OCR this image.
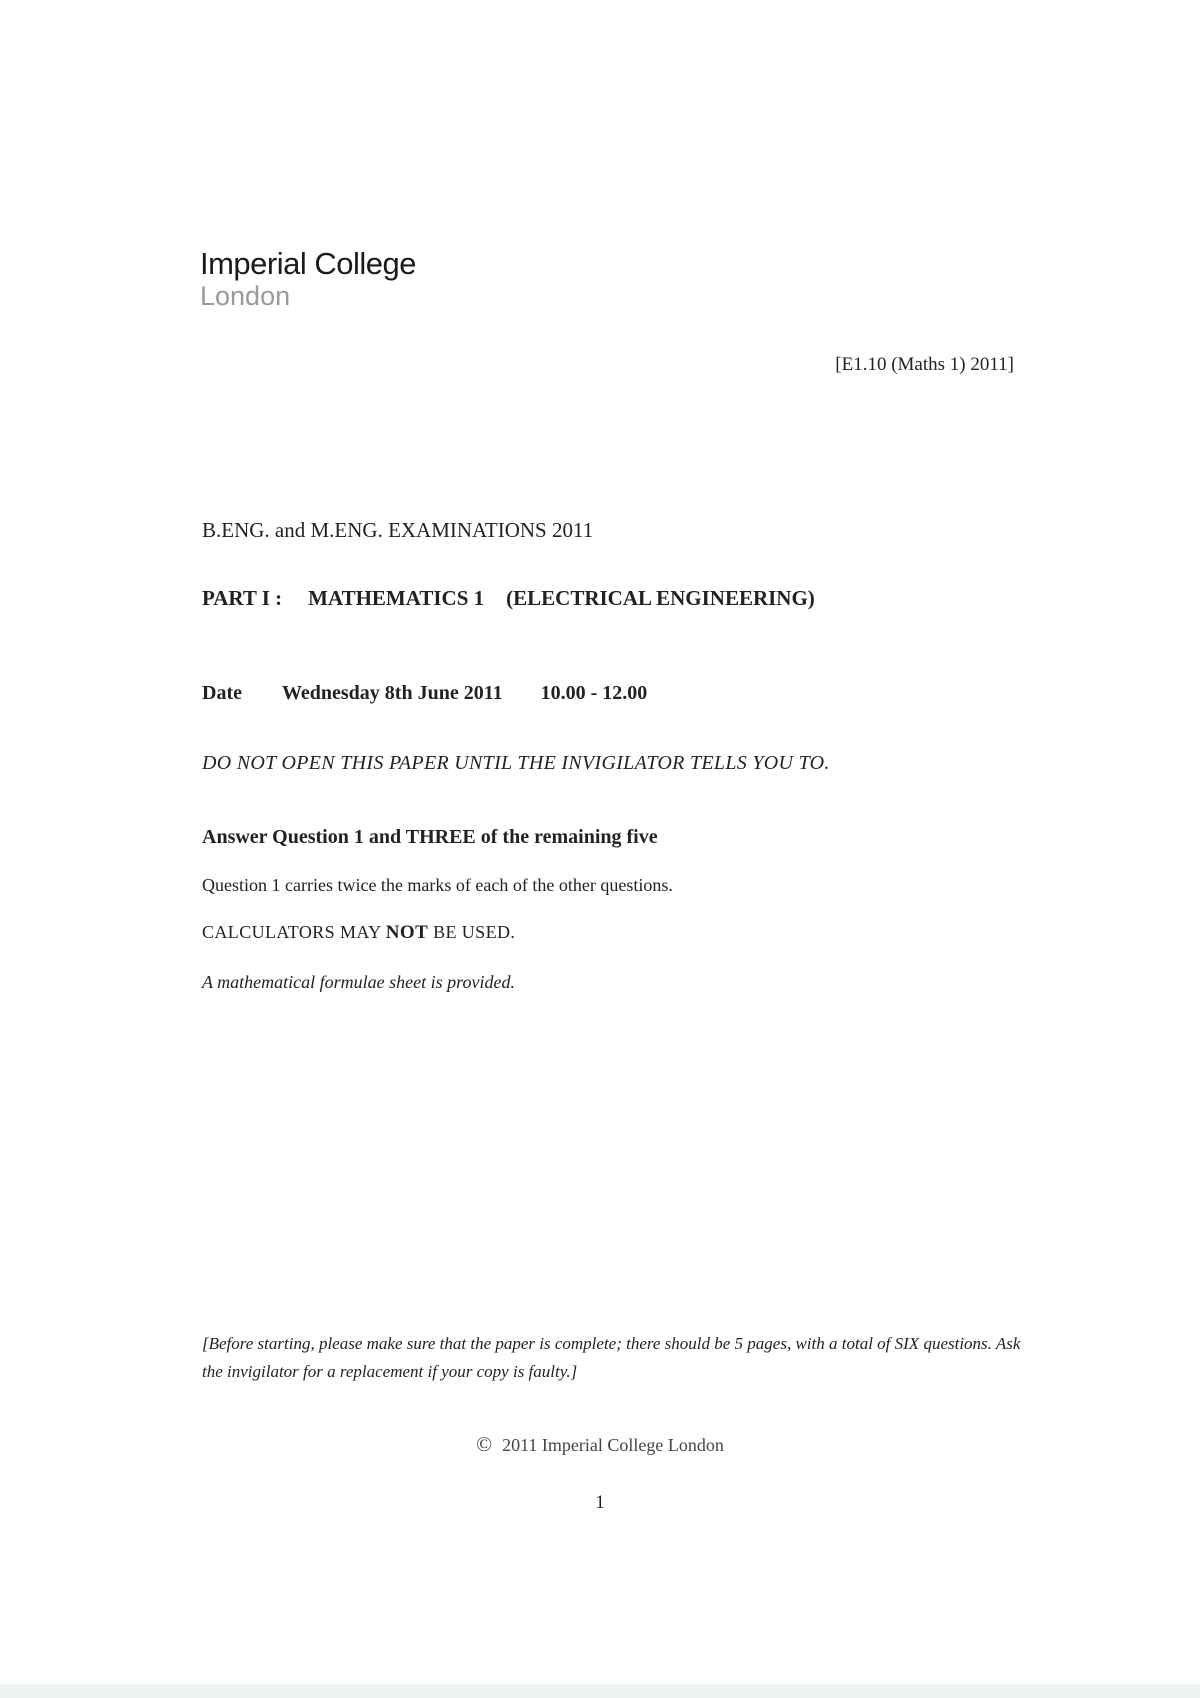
Imperial College
London
[E1.10 (Maths 1) 2011]
B.ENG. and M.ENG. EXAMINATIONS 2011
PART I : MATHEMATICS 1 (ELECTRICAL ENGINEERING)
Date Wednesday 8th June 2011 10.00 - 12.00
DO NOT OPEN THIS PAPER UNTIL THE INVIGILATOR TELLS YOU TO.
Answer Question 1 and THREE of the remaining five
Question 1 carries twice the marks of each of the other questions.
CALCULATORS MAY NOT BE USED.
A mathematical formulae sheet is provided.
[Before starting, please make sure that the paper is complete; there should be 5 pages, with a total of SIX questions. Ask the invigilator for a replacement if your copy is faulty.]
© 2011 Imperial College London
1
